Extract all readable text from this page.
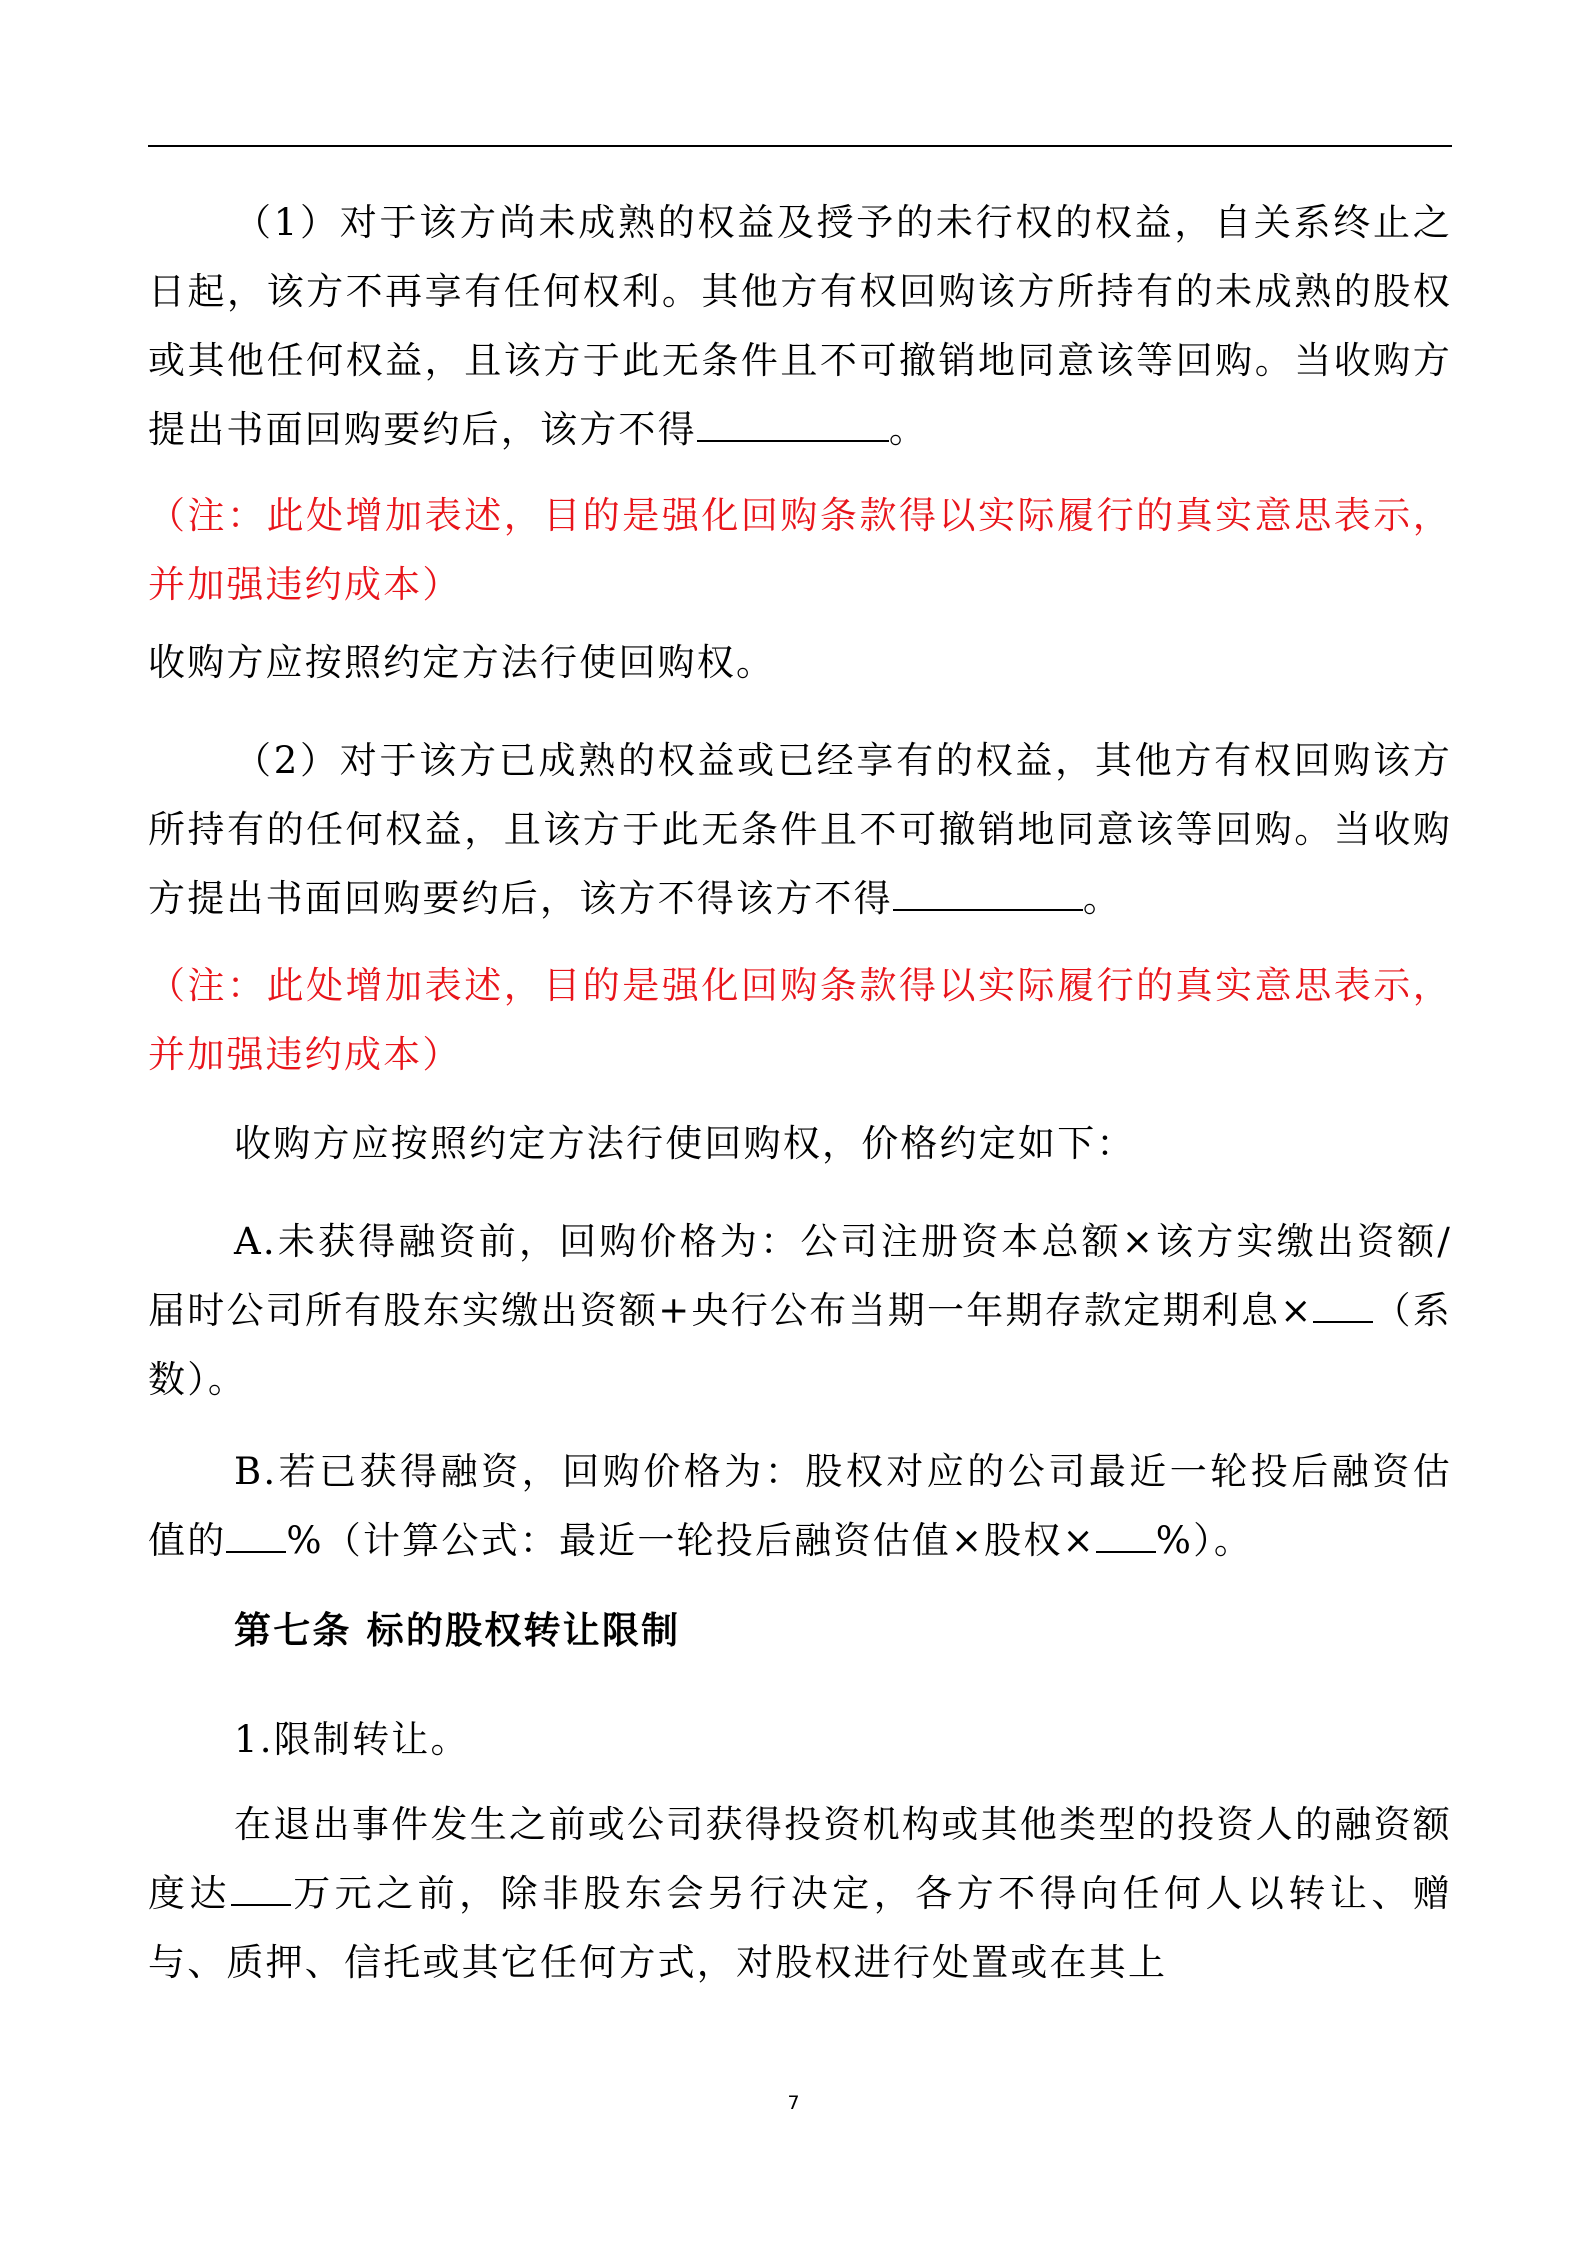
（1）对于该方尚未成熟的权益及授予的未行权的权益，自关系终止之日起，该方不再享有任何权利。其他方有权回购该方所持有的未成熟的股权或其他任何权益，且该方于此无条件且不可撤销地同意该等回购。当收购方提出书面回购要约后，该方不得	。

（注：此处增加表述，目的是强化回购条款得以实际履行的真实意思表示，并加强违约成本）

收购方应按照约定方法行使回购权。

（2）对于该方已成熟的权益或已经享有的权益，其他方有权回购该方所持有的任何权益，且该方于此无条件且不可撤销地同意该等回购。当收购方提出书面回购要约后，该方不得该方不得	。

（注：此处增加表述，目的是强化回购条款得以实际履行的真实意思表示，并加强违约成本）

收购方应按照约定方法行使回购权，价格约定如下：

A.未获得融资前，回购价格为：公司注册资本总额×该方实缴出资额/届时公司所有股东实缴出资额+央行公布当期一年期存款定期利息× （系数）。

B.若已获得融资，回购价格为：股权对应的公司最近一轮投后融资估值的 %（计算公式：最近一轮投后融资估值×股权× %）。

第七条 标的股权转让限制

1.限制转让。

在退出事件发生之前或公司获得投资机构或其他类型的投资人的融资额度达 万元之前，除非股东会另行决定，各方不得向任何人以转让、赠与、质押、信托或其它任何方式，对股权进行处置或在其上

7
